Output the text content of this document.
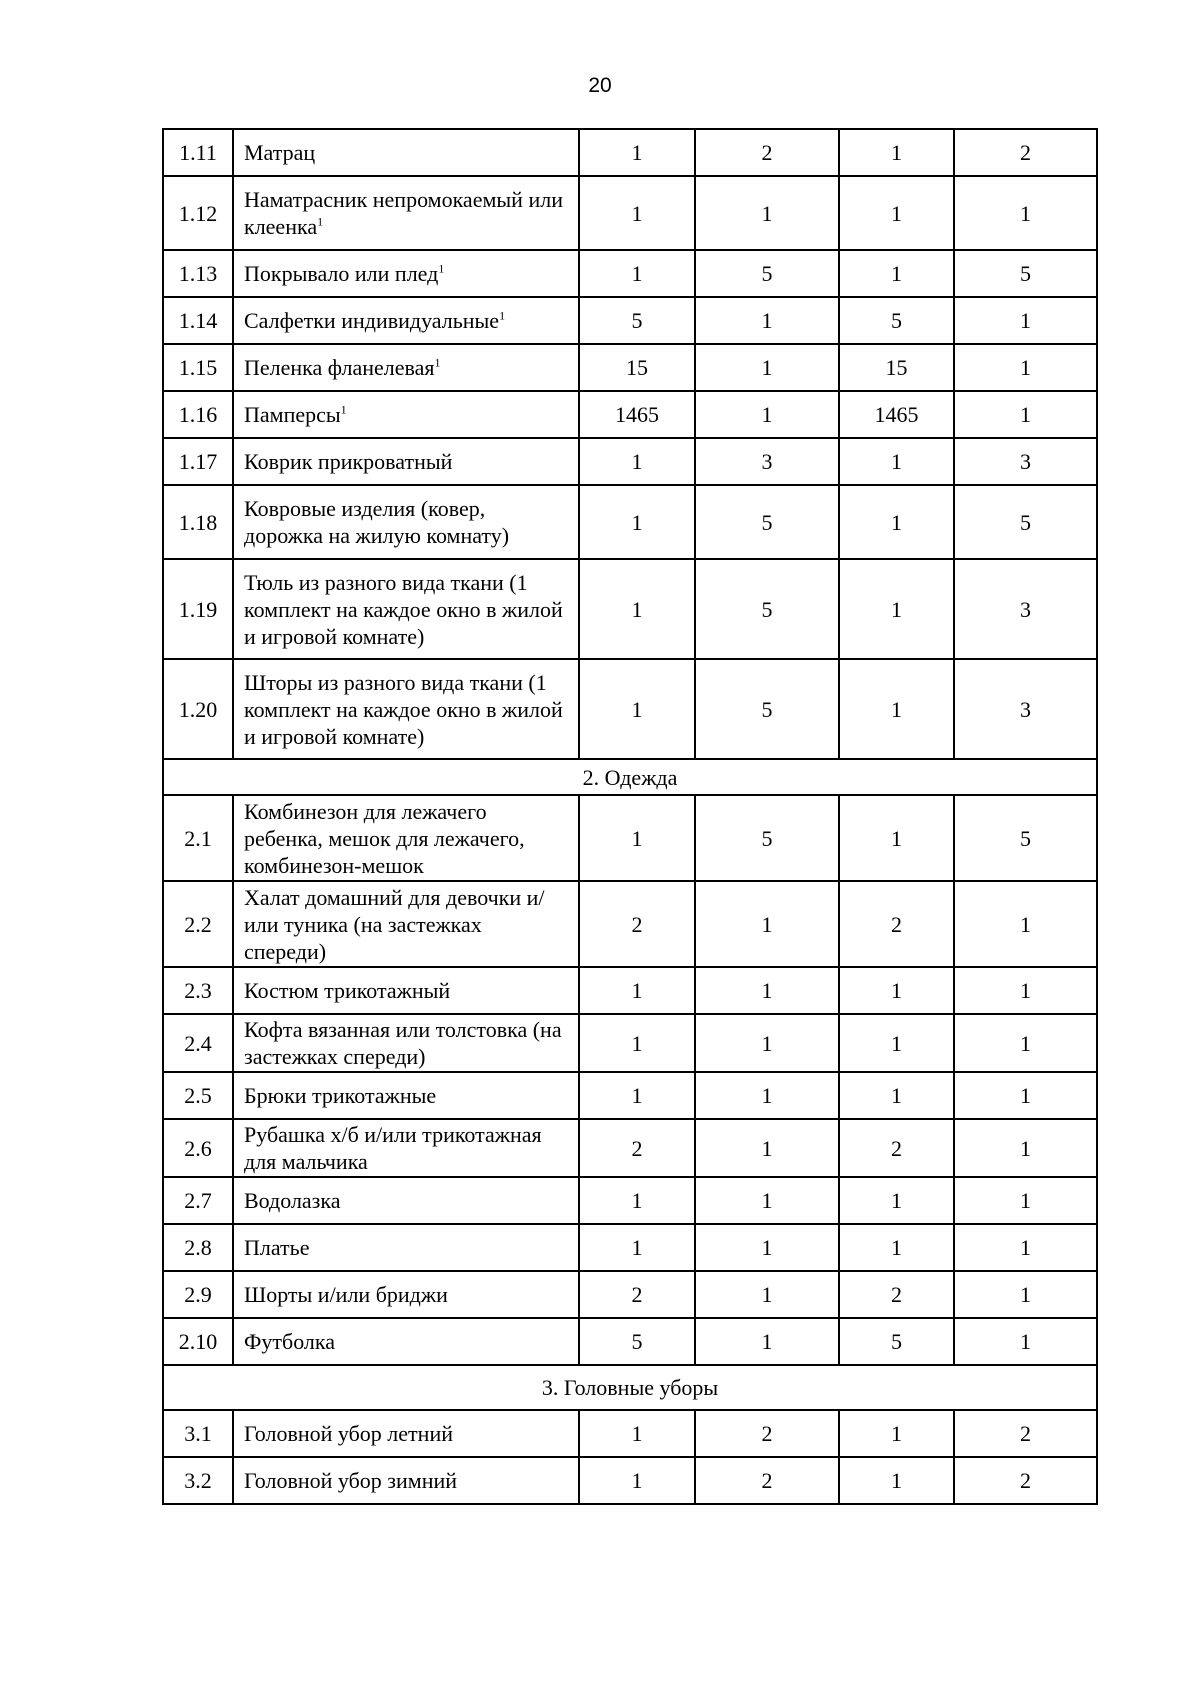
20
1.11	Матрац	1	2	1	2
1.12	Наматрасник непромокаемый или клеенка$^1$	1	1	1	1
1.13	Покрывало или плед$^1$	1	5	1	5
1.14	Салфетки индивидуальные$^1$	5	1	5	1
1.15	Пеленка фланелевая$^1$	15	1	15	1
1.16	Памперсы$^1$	1465	1	1465	1
1.17	Коврик прикроватный	1	3	1	3
1.18	Ковровые изделия (ковер, дорожка на жилую комнату)	1	5	1	5
1.19	Тюль из разного вида ткани (1 комплект на каждое окно в жилой и игровой комнате)	1	5	1	3
1.20	Шторы из разного вида ткани (1 комплект на каждое окно в жилой и игровой комнате)	1	5	1	3
2. Одежда					
2.1	Комбинезон для лежачего ребенка, мешок для лежачего, комбинезон-мешок	1	5	1	5
2.2	Халат домашний для девочки и/или туника (на застежках спереди)	2	1	2	1
2.3	Костюм трикотажный	1	1	1	1
2.4	Кофта вязанная или толстовка (на застежках спереди)	1	1	1	1
2.5	Брюки трикотажные	1	1	1	1
2.6	Рубашка х/б и/или трикотажная для мальчика	2	1	2	1
2.7	Водолазка	1	1	1	1
2.8	Платье	1	1	1	1
2.9	Шорты и/или бриджи	2	1	2	1
2.10	Футболка	5	1	5	1
3. Головные уборы					
3.1	Головной убор летний	1	2	1	2
3.2	Головной убор зимний	1	2	1	2
